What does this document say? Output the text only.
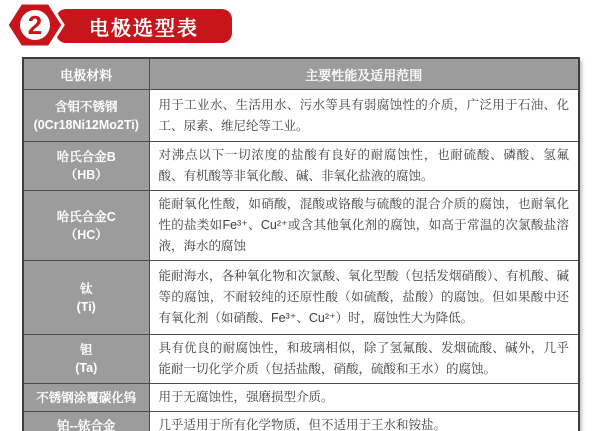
2 电极选型表
电极材料	主要性能及适用范围

含钼不锈钢
(0Cr18Ni12Mo2Ti)	用于工业水、生活用水、污水等具有弱腐蚀性的介质，广泛用于石油、化工、尿素、维尼纶等工业。

哈氏合金B
（HB）	对沸点以下一切浓度的盐酸有良好的耐腐蚀性，也耐硫酸、磷酸、氢氟酸、有机酸等非氧化酸、碱、非氧化盐液的腐蚀。

哈氏合金C
（HC）	能耐氧化性酸，如硝酸，混酸或铬酸与硫酸的混合介质的腐蚀，也耐氧化性的盐类如Fe³⁺、Cu²⁺或含其他氧化剂的腐蚀，如高于常温的次氯酸盐溶液，海水的腐蚀

钛
(Ti)	能耐海水，各种氧化物和次氯酸、氧化型酸（包括发烟硝酸）、有机酸、碱等的腐蚀，不耐较纯的还原性酸（如硫酸，盐酸）的腐蚀。但如果酸中还有氧化剂（如硝酸、Fe³⁺、Cu²⁺）时，腐蚀性大为降低。

钽
(Ta)	具有优良的耐腐蚀性，和玻璃相似，除了氢氟酸、发烟硫酸、碱外，几乎能耐一切化学介质（包括盐酸，硝酸，硫酸和王水）的腐蚀。

不锈钢涂覆碳化钨	用于无腐蚀性，强磨损型介质。

铂--铱合金	几乎适用于所有化学物质，但不适用于王水和铵盐。
